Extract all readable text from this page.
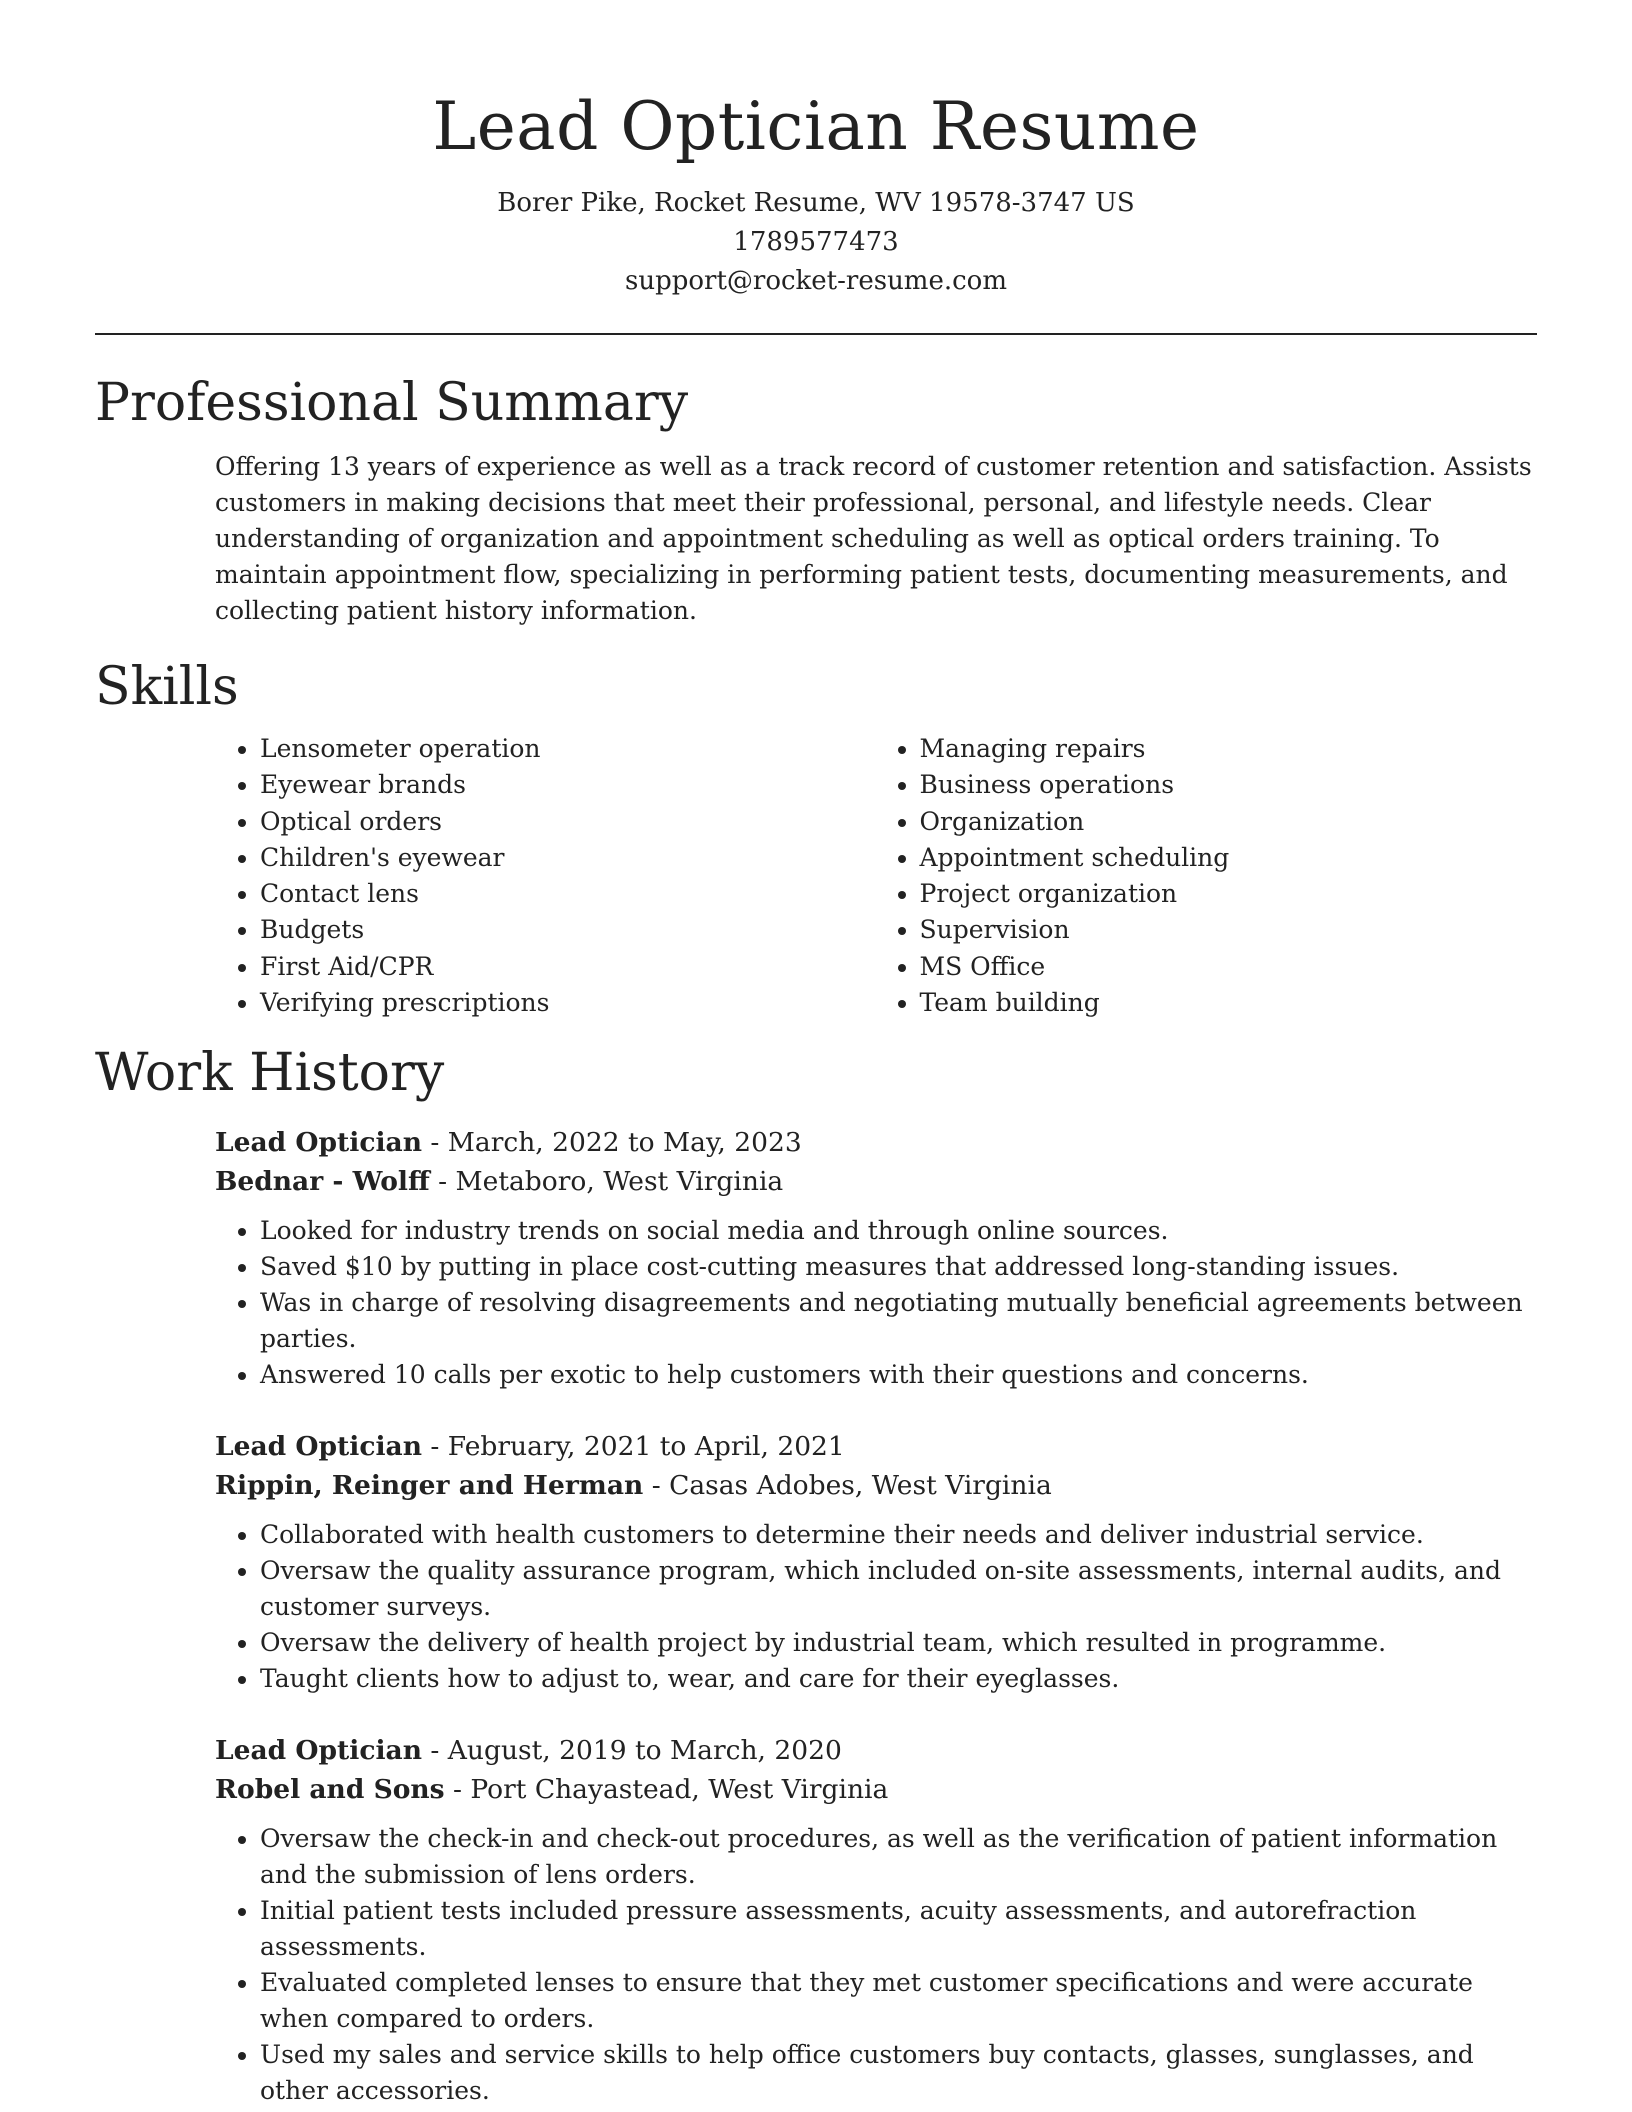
Lead Optician Resume
Borer Pike, Rocket Resume, WV 19578-3747 US
1789577473
support@rocket-resume.com
Professional Summary
Offering 13 years of experience as well as a track record of customer retention and satisfaction. Assists customers in making decisions that meet their professional, personal, and lifestyle needs. Clear understanding of organization and appointment scheduling as well as optical orders training. To maintain appointment flow, specializing in performing patient tests, documenting measurements, and collecting patient history information.
Skills
• Lensometer operation
• Eyewear brands
• Optical orders
• Children's eyewear
• Contact lens
• Budgets
• First Aid/CPR
• Verifying prescriptions
• Managing repairs
• Business operations
• Organization
• Appointment scheduling
• Project organization
• Supervision
• MS Office
• Team building
Work History
Lead Optician - March, 2022 to May, 2023
Bednar - Wolff - Metaboro, West Virginia
• Looked for industry trends on social media and through online sources.
• Saved $10 by putting in place cost-cutting measures that addressed long-standing issues.
• Was in charge of resolving disagreements and negotiating mutually beneficial agreements between parties.
• Answered 10 calls per exotic to help customers with their questions and concerns.
Lead Optician - February, 2021 to April, 2021
Rippin, Reinger and Herman - Casas Adobes, West Virginia
• Collaborated with health customers to determine their needs and deliver industrial service.
• Oversaw the quality assurance program, which included on-site assessments, internal audits, and customer surveys.
• Oversaw the delivery of health project by industrial team, which resulted in programme.
• Taught clients how to adjust to, wear, and care for their eyeglasses.
Lead Optician - August, 2019 to March, 2020
Robel and Sons - Port Chayastead, West Virginia
• Oversaw the check-in and check-out procedures, as well as the verification of patient information and the submission of lens orders.
• Initial patient tests included pressure assessments, acuity assessments, and autorefraction assessments.
• Evaluated completed lenses to ensure that they met customer specifications and were accurate when compared to orders.
• Used my sales and service skills to help office customers buy contacts, glasses, sunglasses, and other accessories.
